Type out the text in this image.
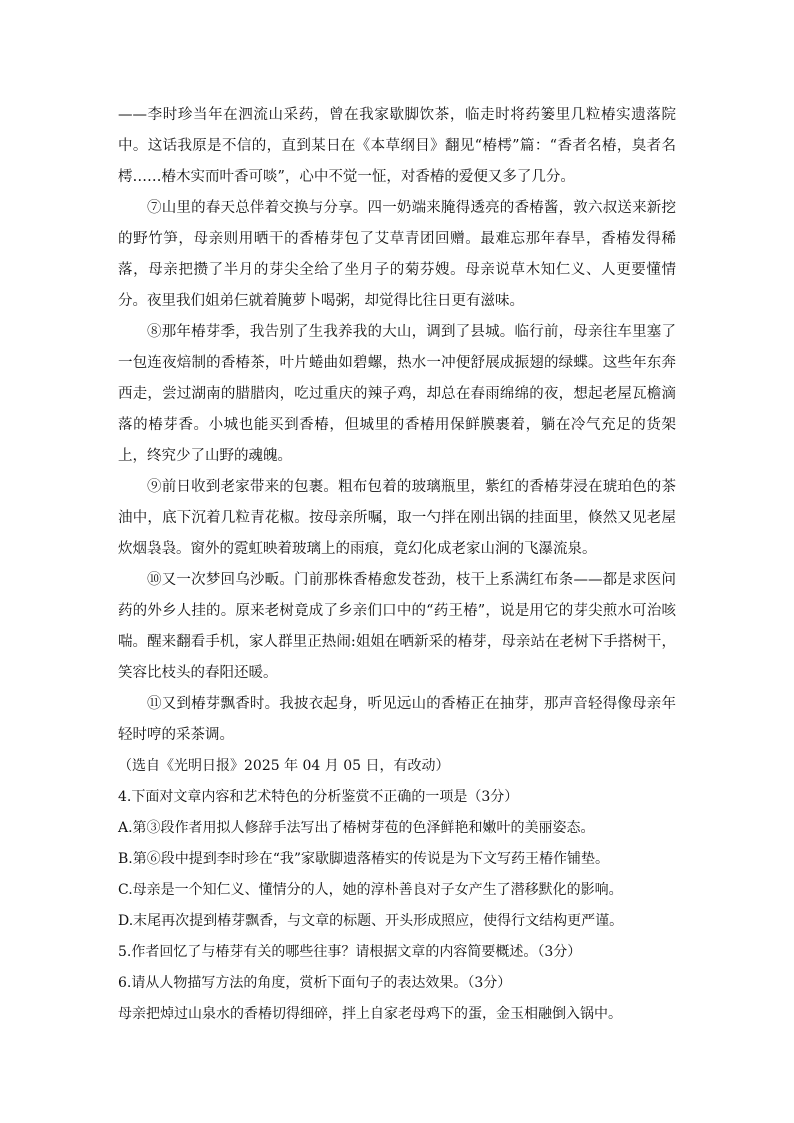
——李时珍当年在泗流山采药，曾在我家歇脚饮茶，临走时将药篓里几粒椿实遗落院中。这话我原是不信的，直到某日在《本草纲目》翻见“椿樗”篇：“香者名椿，臭者名樗……椿木实而叶香可啖”，心中不觉一怔，对香椿的爱便又多了几分。

⑦山里的春天总伴着交换与分享。四一奶端来腌得透亮的香椿酱，敦六叔送来新挖的野竹笋，母亲则用晒干的香椿芽包了艾草青团回赠。最难忘那年春旱，香椿发得稀落，母亲把攒了半月的芽尖全给了坐月子的菊芬嫂。母亲说草木知仁义、人更要懂情分。夜里我们姐弟仨就着腌萝卜喝粥，却觉得比往日更有滋味。

⑧那年椿芽季，我告别了生我养我的大山，调到了县城。临行前，母亲往车里塞了一包连夜焙制的香椿茶，叶片蜷曲如碧螺，热水一冲便舒展成振翅的绿蝶。这些年东奔西走，尝过湖南的腊腊肉，吃过重庆的辣子鸡，却总在春雨绵绵的夜，想起老屋瓦檐滴落的椿芽香。小城也能买到香椿，但城里的香椿用保鲜膜裹着，躺在冷气充足的货架上，终究少了山野的魂魄。

⑨前日收到老家带来的包裹。粗布包着的玻璃瓶里，紫红的香椿芽浸在琥珀色的茶油中，底下沉着几粒青花椒。按母亲所嘱，取一勺拌在刚出锅的挂面里，倏然又见老屋炊烟袅袅。窗外的霓虹映着玻璃上的雨痕，竟幻化成老家山涧的飞瀑流泉。

⑩又一次梦回乌沙畈。门前那株香椿愈发苍劲，枝干上系满红布条——都是求医问药的外乡人挂的。原来老树竟成了乡亲们口中的“药王椿”，说是用它的芽尖煎水可治咳喘。醒来翻看手机，家人群里正热闹:姐姐在晒新采的椿芽，母亲站在老树下手搭树干，笑容比枝头的春阳还暖。

⑪又到椿芽飘香时。我披衣起身，听见远山的香椿正在抽芽，那声音轻得像母亲年轻时哼的采茶调。

（选自《光明日报》2025 年 04 月 05 日，有改动）

4.下面对文章内容和艺术特色的分析鉴赏不正确的一项是（3分）

A.第③段作者用拟人修辞手法写出了椿树芽苞的色泽鲜艳和嫩叶的美丽姿态。

B.第⑥段中提到李时珍在“我”家歇脚遗落椿实的传说是为下文写药王椿作铺垫。

C.母亲是一个知仁义、懂情分的人，她的淳朴善良对子女产生了潜移默化的影响。

D.末尾再次提到椿芽飘香，与文章的标题、开头形成照应，使得行文结构更严谨。

5.作者回忆了与椿芽有关的哪些往事？请根据文章的内容简要概述。（3分）

6.请从人物描写方法的角度，赏析下面句子的表达效果。（3分）

母亲把焯过山泉水的香椿切得细碎，拌上自家老母鸡下的蛋，金玉相融倒入锅中。
